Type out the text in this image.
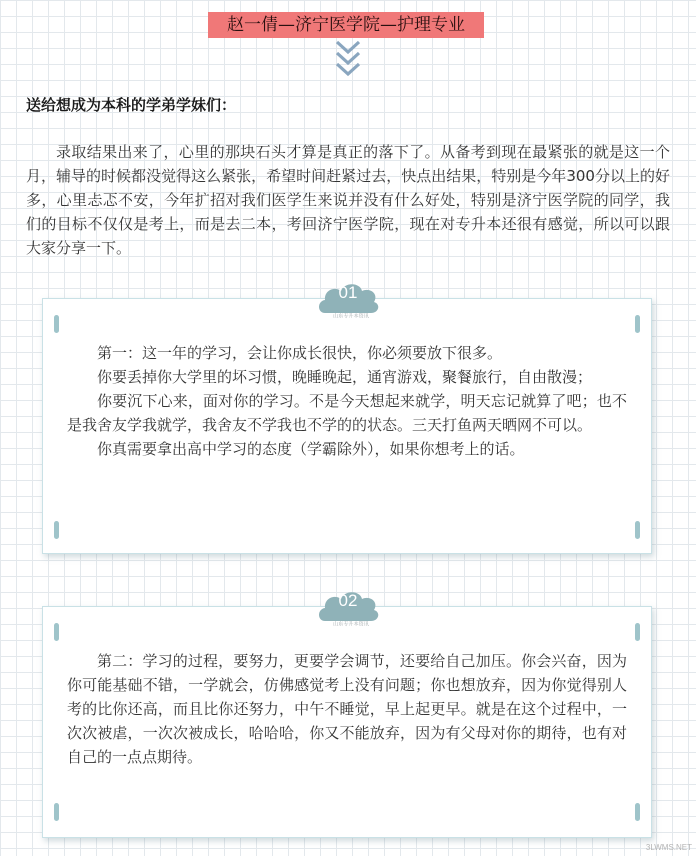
赵一倩—济宁医学院—护理专业
送给想成为本科的学弟学妹们：
录取结果出来了，心里的那块石头才算是真正的落下了。从备考到现在最紧张的就是这一个月，辅导的时候都没觉得这么紧张，希望时间赶紧过去，快点出结果，特别是今年300分以上的好多，心里忐忑不安，今年扩招对我们医学生来说并没有什么好处，特别是济宁医学院的同学，我们的目标不仅仅是考上，而是去二本，考回济宁医学院，现在对专升本还很有感觉，所以可以跟大家分享一下。
01
山东专升本资讯

第一：这一年的学习，会让你成长很快，你必须要放下很多。

你要丢掉你大学里的坏习惯，晚睡晚起，通宵游戏，聚餐旅行，自由散漫；

你要沉下心来，面对你的学习。不是今天想起来就学，明天忘记就算了吧；也不是我舍友学我就学，我舍友不学我也不学的的状态。三天打鱼两天晒网不可以。

你真需要拿出高中学习的态度（学霸除外），如果你想考上的话。

02
山东专升本资讯

第二：学习的过程，要努力，更要学会调节，还要给自己加压。你会兴奋，因为你可能基础不错，一学就会，仿佛感觉考上没有问题；你也想放弃，因为你觉得别人考的比你还高，而且比你还努力，中午不睡觉，早上起更早。就是在这个过程中，一次次被虐，一次次被成长，哈哈哈，你又不能放弃，因为有父母对你的期待，也有对自己的一点点期待。

3LWMS.NET
